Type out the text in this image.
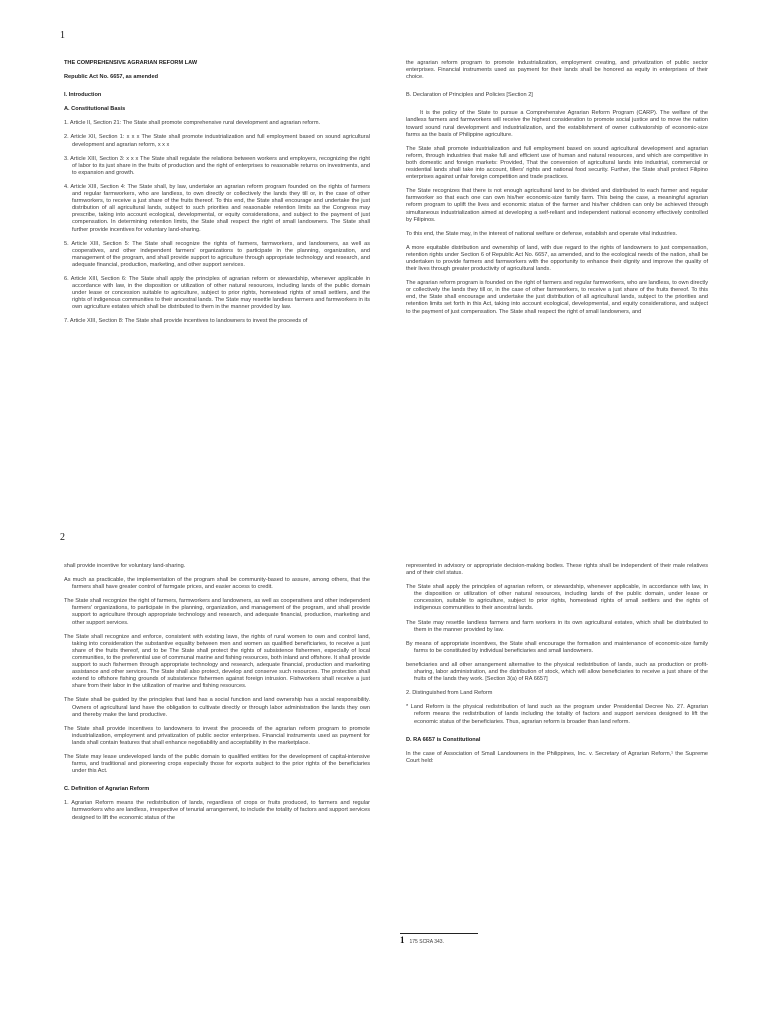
1

THE COMPREHENSIVE AGRARIAN REFORM LAW

Republic Act No. 6657, as amended

I. Introduction

A. Constitutional Basis

1. Article II, Section 21: The State shall promote comprehensive rural development and agrarian reform.

2. Article XII, Section 1: x x x The State shall promote industrialization and full employment based on sound agricultural development and agrarian reform, x x x

3. Article XIII, Section 3: x x x The State shall regulate the relations between workers and employers, recognizing the right of labor to its just share in the fruits of production and the right of enterprises to reasonable returns on investments, and to expansion and growth.

4. Article XIII, Section 4: The State shall, by law, undertake an agrarian reform program founded on the rights of farmers and regular farmworkers, who are landless, to own directly or collectively the lands they till or, in the case of other farmworkers, to receive a just share of the fruits thereof. To this end, the State shall encourage and undertake the just distribution of all agricultural lands, subject to such priorities and reasonable retention limits as the Congress may prescribe, taking into account ecological, developmental, or equity considerations, and subject to the payment of just compensation. In determining retention limits, the State shall respect the right of small landowners. The State shall further provide incentives for voluntary land-sharing.

5. Article XIII, Section 5: The State shall recognize the rights of farmers, farmworkers, and landowners, as well as cooperatives, and other independent farmers' organizations to participate in the planning, organization, and management of the program, and shall provide support to agriculture through appropriate technology and research, and adequate financial, production, marketing, and other support services.

6. Article XIII, Section 6: The State shall apply the principles of agrarian reform or stewardship, whenever applicable in accordance with law, in the disposition or utilization of other natural resources, including lands of the public domain under lease or concession suitable to agriculture, subject to prior rights, homestead rights of small settlers, and the rights of indigenous communities to their ancestral lands. The State may resettle landless farmers and farmworkers in its own agriculture estates which shall be distributed to them in the manner provided by law.

7. Article XIII, Section 8: The State shall provide incentives to landowners to invest the proceeds of

the agrarian reform program to promote industrialization, employment creating, and privatization of public sector enterprises. Financial instruments used as payment for their lands shall be honored as equity in enterprises of their choice.

B. Declaration of Principles and Policies [Section 2]

It is the policy of the State to pursue a Comprehensive Agrarian Reform Program (CARP). The welfare of the landless farmers and farmworkers will receive the highest consideration to promote social justice and to move the nation toward sound rural development and industrialization, and the establishment of owner cultivatorship of economic-size farms as the basis of Philippine agriculture.

The State shall promote industrialization and full employment based on sound agricultural development and agrarian reform, through industries that make full and efficient use of human and natural resources, and which are competitive in both domestic and foreign markets: Provided, That the conversion of agricultural lands into industrial, commercial or residential lands shall take into account, tillers' rights and national food security. Further, the State shall protect Filipino enterprises against unfair foreign competition and trade practices.

The State recognizes that there is not enough agricultural land to be divided and distributed to each farmer and regular farmworker so that each one can own his/her economic-size family farm. This being the case, a meaningful agrarian reform program to uplift the lives and economic status of the farmer and his/her children can only be achieved through simultaneous industrialization aimed at developing a self-reliant and independent national economy effectively controlled by Filipinos.

To this end, the State may, in the interest of national welfare or defense, establish and operate vital industries.

A more equitable distribution and ownership of land, with due regard to the rights of landowners to just compensation, retention rights under Section 6 of Republic Act No. 6657, as amended, and to the ecological needs of the nation, shall be undertaken to provide farmers and farmworkers with the opportunity to enhance their dignity and improve the quality of their lives through greater productivity of agricultural lands.

The agrarian reform program is founded on the right of farmers and regular farmworkers, who are landless, to own directly or collectively the lands they till or, in the case of other farmworkers, to receive a just share of the fruits thereof. To this end, the State shall encourage and undertake the just distribution of all agricultural lands, subject to the priorities and retention limits set forth in this Act, taking into account ecological, developmental, and equity considerations, and subject to the payment of just compensation. The State shall respect the right of small landowners, and

2

shall provide incentive for voluntary land-sharing.

As much as practicable, the implementation of the program shall be community-based to assure, among others, that the farmers shall have greater control of farmgate prices, and easier access to credit.

The State shall recognize the right of farmers, farmworkers and landowners, as well as cooperatives and other independent farmers' organizations, to participate in the planning, organization, and management of the program, and shall provide support to agriculture through appropriate technology and research, and adequate financial, production, marketing and other support services.

The State shall recognize and enforce, consistent with existing laws, the rights of rural women to own and control land, taking into consideration the substantive equality between men and women as qualified beneficiaries, to receive a just share of the fruits thereof, and to be The State shall protect the rights of subsistence fishermen, especially of local communities, to the preferential use of communal marine and fishing resources, both inland and offshore. It shall provide support to such fishermen through appropriate technology and research, adequate financial, production and marketing assistance and other services. The State shall also protect, develop and conserve such resources. The protection shall extend to offshore fishing grounds of subsistence fishermen against foreign intrusion. Fishworkers shall receive a just share from their labor in the utilization of marine and fishing resources.

The State shall be guided by the principles that land has a social function and land ownership has a social responsibility. Owners of agricultural land have the obligation to cultivate directly or through labor administration the lands they own and thereby make the land productive.

The State shall provide incentives to landowners to invest the proceeds of the agrarian reform program to promote industrialization, employment and privatization of public sector enterprises. Financial instruments used as payment for lands shall contain features that shall enhance negotiability and acceptability in the marketplace.

The State may lease undeveloped lands of the public domain to qualified entities for the development of capital-intensive farms, and traditional and pioneering crops especially those for exports subject to the prior rights of the beneficiaries under this Act.

C. Definition of Agrarian Reform

1. Agrarian Reform means the redistribution of lands, regardless of crops or fruits produced, to farmers and regular farmworkers who are landless, irrespective of tenurial arrangement, to include the totality of factors and support services designed to lift the economic status of the

represented in advisory or appropriate decision-making bodies. These rights shall be independent of their male relatives and of their civil status.

The State shall apply the principles of agrarian reform, or stewardship, whenever applicable, in accordance with law, in the disposition or utilization of other natural resources, including lands of the public domain, under lease or concession, suitable to agriculture, subject to prior rights, homestead rights of small settlers and the rights of indigenous communities to their ancestral lands.

The State may resettle landless farmers and farm workers in its own agricultural estates, which shall be distributed to them in the manner provided by law.

By means of appropriate incentives, the State shall encourage the formation and maintenance of economic-size family farms to be constituted by individual beneficiaries and small landowners.

beneficiaries and all other arrangement alternative to the physical redistribution of lands, such as production or profit-sharing, labor administration, and the distribution of stock, which will allow beneficiaries to receive a just share of the fruits of the lands they work. [Section 3(a) of RA 6657]

2. Distinguished from Land Reform

* Land Reform is the physical redistribution of land such as the program under Presidential Decree No. 27. Agrarian reform means the redistribution of lands including the totality of factors and support services designed to lift the economic status of the beneficiaries. Thus, agrarian reform is broader than land reform.

D. RA 6657 is Constitutional

In the case of Association of Small Landowners in the Philippines, Inc. v. Secretary of Agrarian Reform,¹ the Supreme Court held:

1 175 SCRA 343.
